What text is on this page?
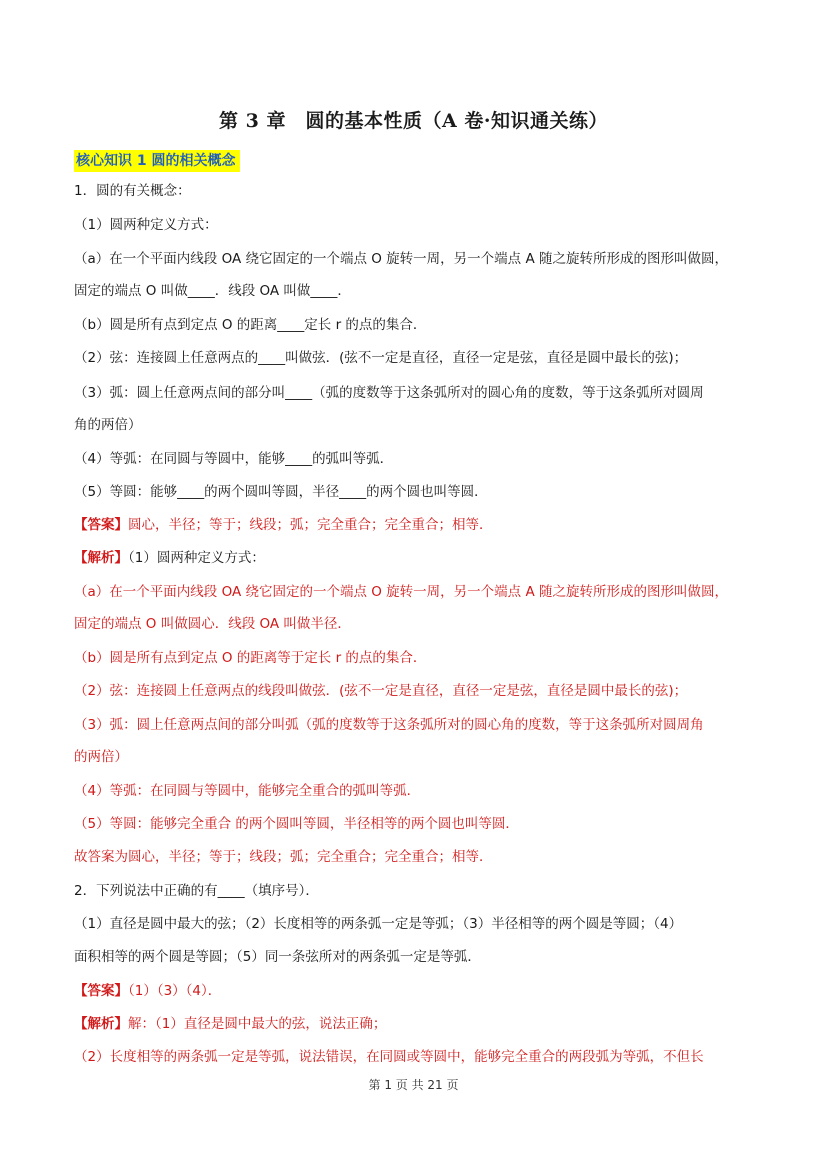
第 3 章　圆的基本性质（A 卷·知识通关练）
核心知识 1 圆的相关概念
1．圆的有关概念：
（1）圆两种定义方式：
（a）在一个平面内线段 OA 绕它固定的一个端点 O 旋转一周，另一个端点 A 随之旋转所形成的图形叫做圆，
固定的端点 O 叫做____．线段 OA 叫做____．
（b）圆是所有点到定点 O 的距离____定长 r 的点的集合．
（2）弦：连接圆上任意两点的____叫做弦．(弦不一定是直径，直径一定是弦，直径是圆中最长的弦)；
（3）弧：圆上任意两点间的部分叫____（弧的度数等于这条弧所对的圆心角的度数，等于这条弧所对圆周
角的两倍）
（4）等弧：在同圆与等圆中，能够____的弧叫等弧．
（5）等圆：能够____的两个圆叫等圆，半径____的两个圆也叫等圆．
【答案】圆心，半径；等于；线段；弧；完全重合；完全重合；相等．
【解析】（1）圆两种定义方式：
（a）在一个平面内线段 OA 绕它固定的一个端点 O 旋转一周，另一个端点 A 随之旋转所形成的图形叫做圆，
固定的端点 O 叫做圆心．线段 OA 叫做半径．
（b）圆是所有点到定点 O 的距离等于定长 r 的点的集合．
（2）弦：连接圆上任意两点的线段叫做弦．(弦不一定是直径，直径一定是弦，直径是圆中最长的弦)；
（3）弧：圆上任意两点间的部分叫弧（弧的度数等于这条弧所对的圆心角的度数，等于这条弧所对圆周角
的两倍）
（4）等弧：在同圆与等圆中，能够完全重合的弧叫等弧．
（5）等圆：能够完全重合 的两个圆叫等圆，半径相等的两个圆也叫等圆．
故答案为圆心，半径；等于；线段；弧；完全重合；完全重合；相等．
2．下列说法中正确的有____（填序号）．
（1）直径是圆中最大的弦；（2）长度相等的两条弧一定是等弧；（3）半径相等的两个圆是等圆；（4）
面积相等的两个圆是等圆；（5）同一条弦所对的两条弧一定是等弧．
【答案】（1）（3）（4）．
【解析】解：（1）直径是圆中最大的弦，说法正确；
（2）长度相等的两条弧一定是等弧，说法错误，在同圆或等圆中，能够完全重合的两段弧为等弧，不但长
第 1 页 共 21 页
